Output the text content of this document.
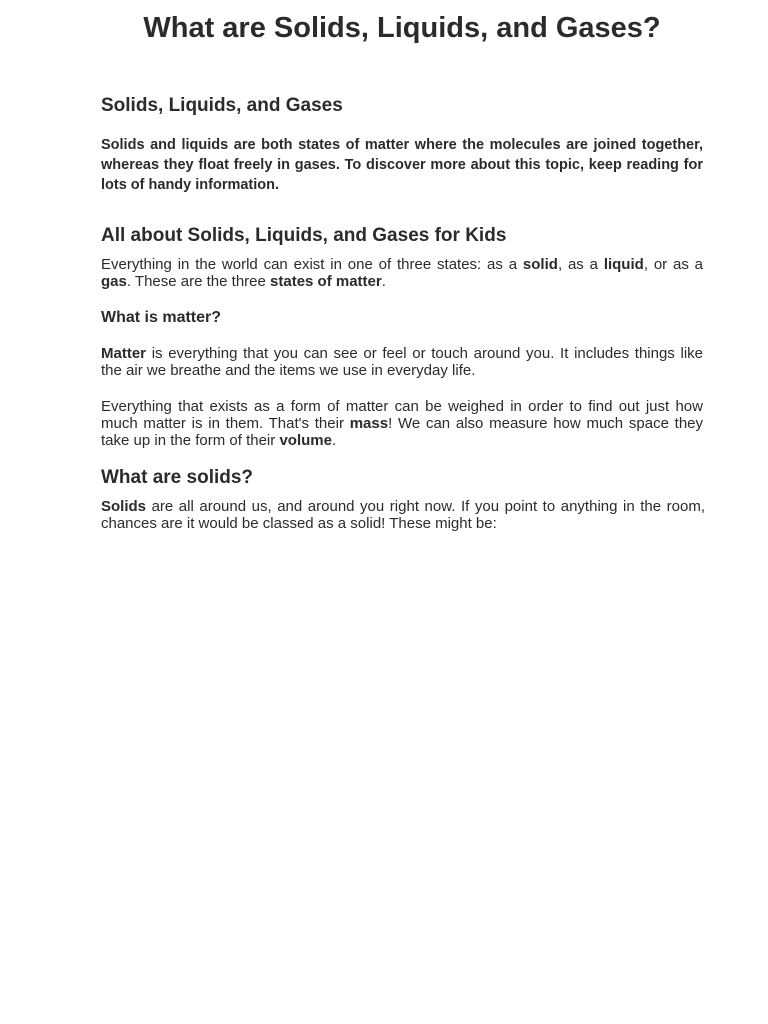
What are Solids, Liquids, and Gases?
Solids, Liquids, and Gases

Solids and liquids are both states of matter where the molecules are joined together, whereas they float freely in gases. To discover more about this topic, keep reading for lots of handy information.

All about Solids, Liquids, and Gases for Kids

Everything in the world can exist in one of three states: as a solid, as a liquid, or as a gas. These are the three states of matter.

What is matter?

Matter is everything that you can see or feel or touch around you. It includes things like the air we breathe and the items we use in everyday life.

Everything that exists as a form of matter can be weighed in order to find out just how much matter is in them. That's their mass! We can also measure how much space they take up in the form of their volume.

What are solids?

Solids are all around us, and around you right now. If you point to anything in the room, chances are it would be classed as a solid! These might be:
